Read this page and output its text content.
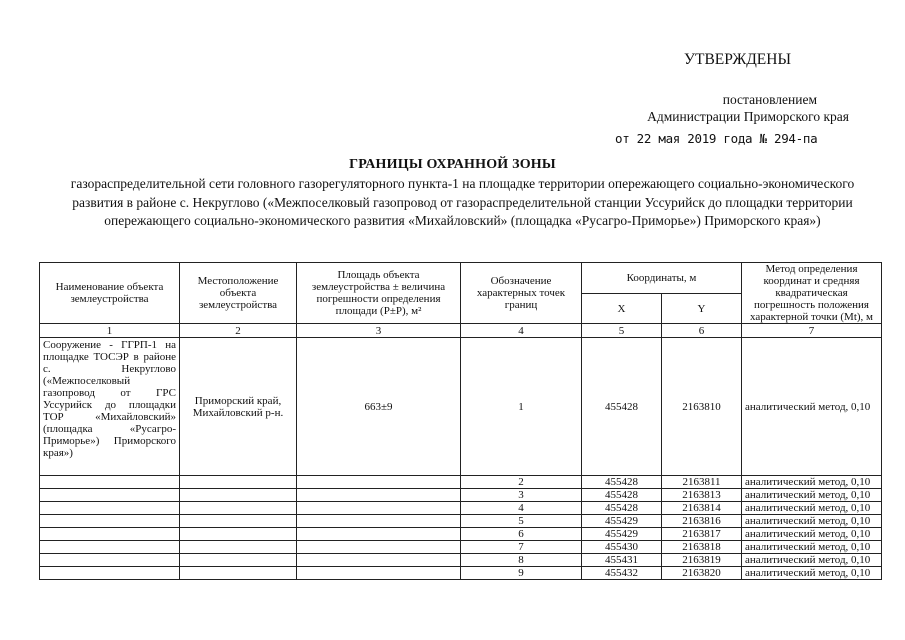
УТВЕРЖДЕНЫ
постановлением
Администрации Приморского края
от 22 мая 2019 года № 294-па
ГРАНИЦЫ ОХРАННОЙ ЗОНЫ
газораспределительной сети головного газорегуляторного пункта-1 на площадке территории опережающего социально-экономического развития в районе с. Некруглово («Межпоселковый газопровод от газораспределительной станции Уссурийск до площадки территории опережающего социально-экономического развития «Михайловский» (площадка «Русагро-Приморье») Приморского края»)
Наименование объекта землеустройства	Местоположение объекта землеустройства	Площадь объекта землеустройства ± величина погрешности определения площади (P±P), м²	Обозначение характерных точек границ	Координаты, м		Метод определения координат и средняя квадратическая погрешность положения характерной точки (Mt), м
				X	Y	
1	2	3	4	5	6	7
Сооружение - ГГРП-1 на площадке ТОСЭР в районе с. Некруглово («Межпоселковый газопровод от ГРС Уссурийск до площадки ТОР «Михайловский» (площадка «Русагро-Приморье») Приморского края»)	Приморский край, Михайловский р-н.	663±9	1	455428	2163810	аналитический метод, 0,10
			2	455428	2163811	аналитический метод, 0,10
			3	455428	2163813	аналитический метод, 0,10
			4	455428	2163814	аналитический метод, 0,10
			5	455429	2163816	аналитический метод, 0,10
			6	455429	2163817	аналитический метод, 0,10
			7	455430	2163818	аналитический метод, 0,10
			8	455431	2163819	аналитический метод, 0,10
			9	455432	2163820	аналитический метод, 0,10
